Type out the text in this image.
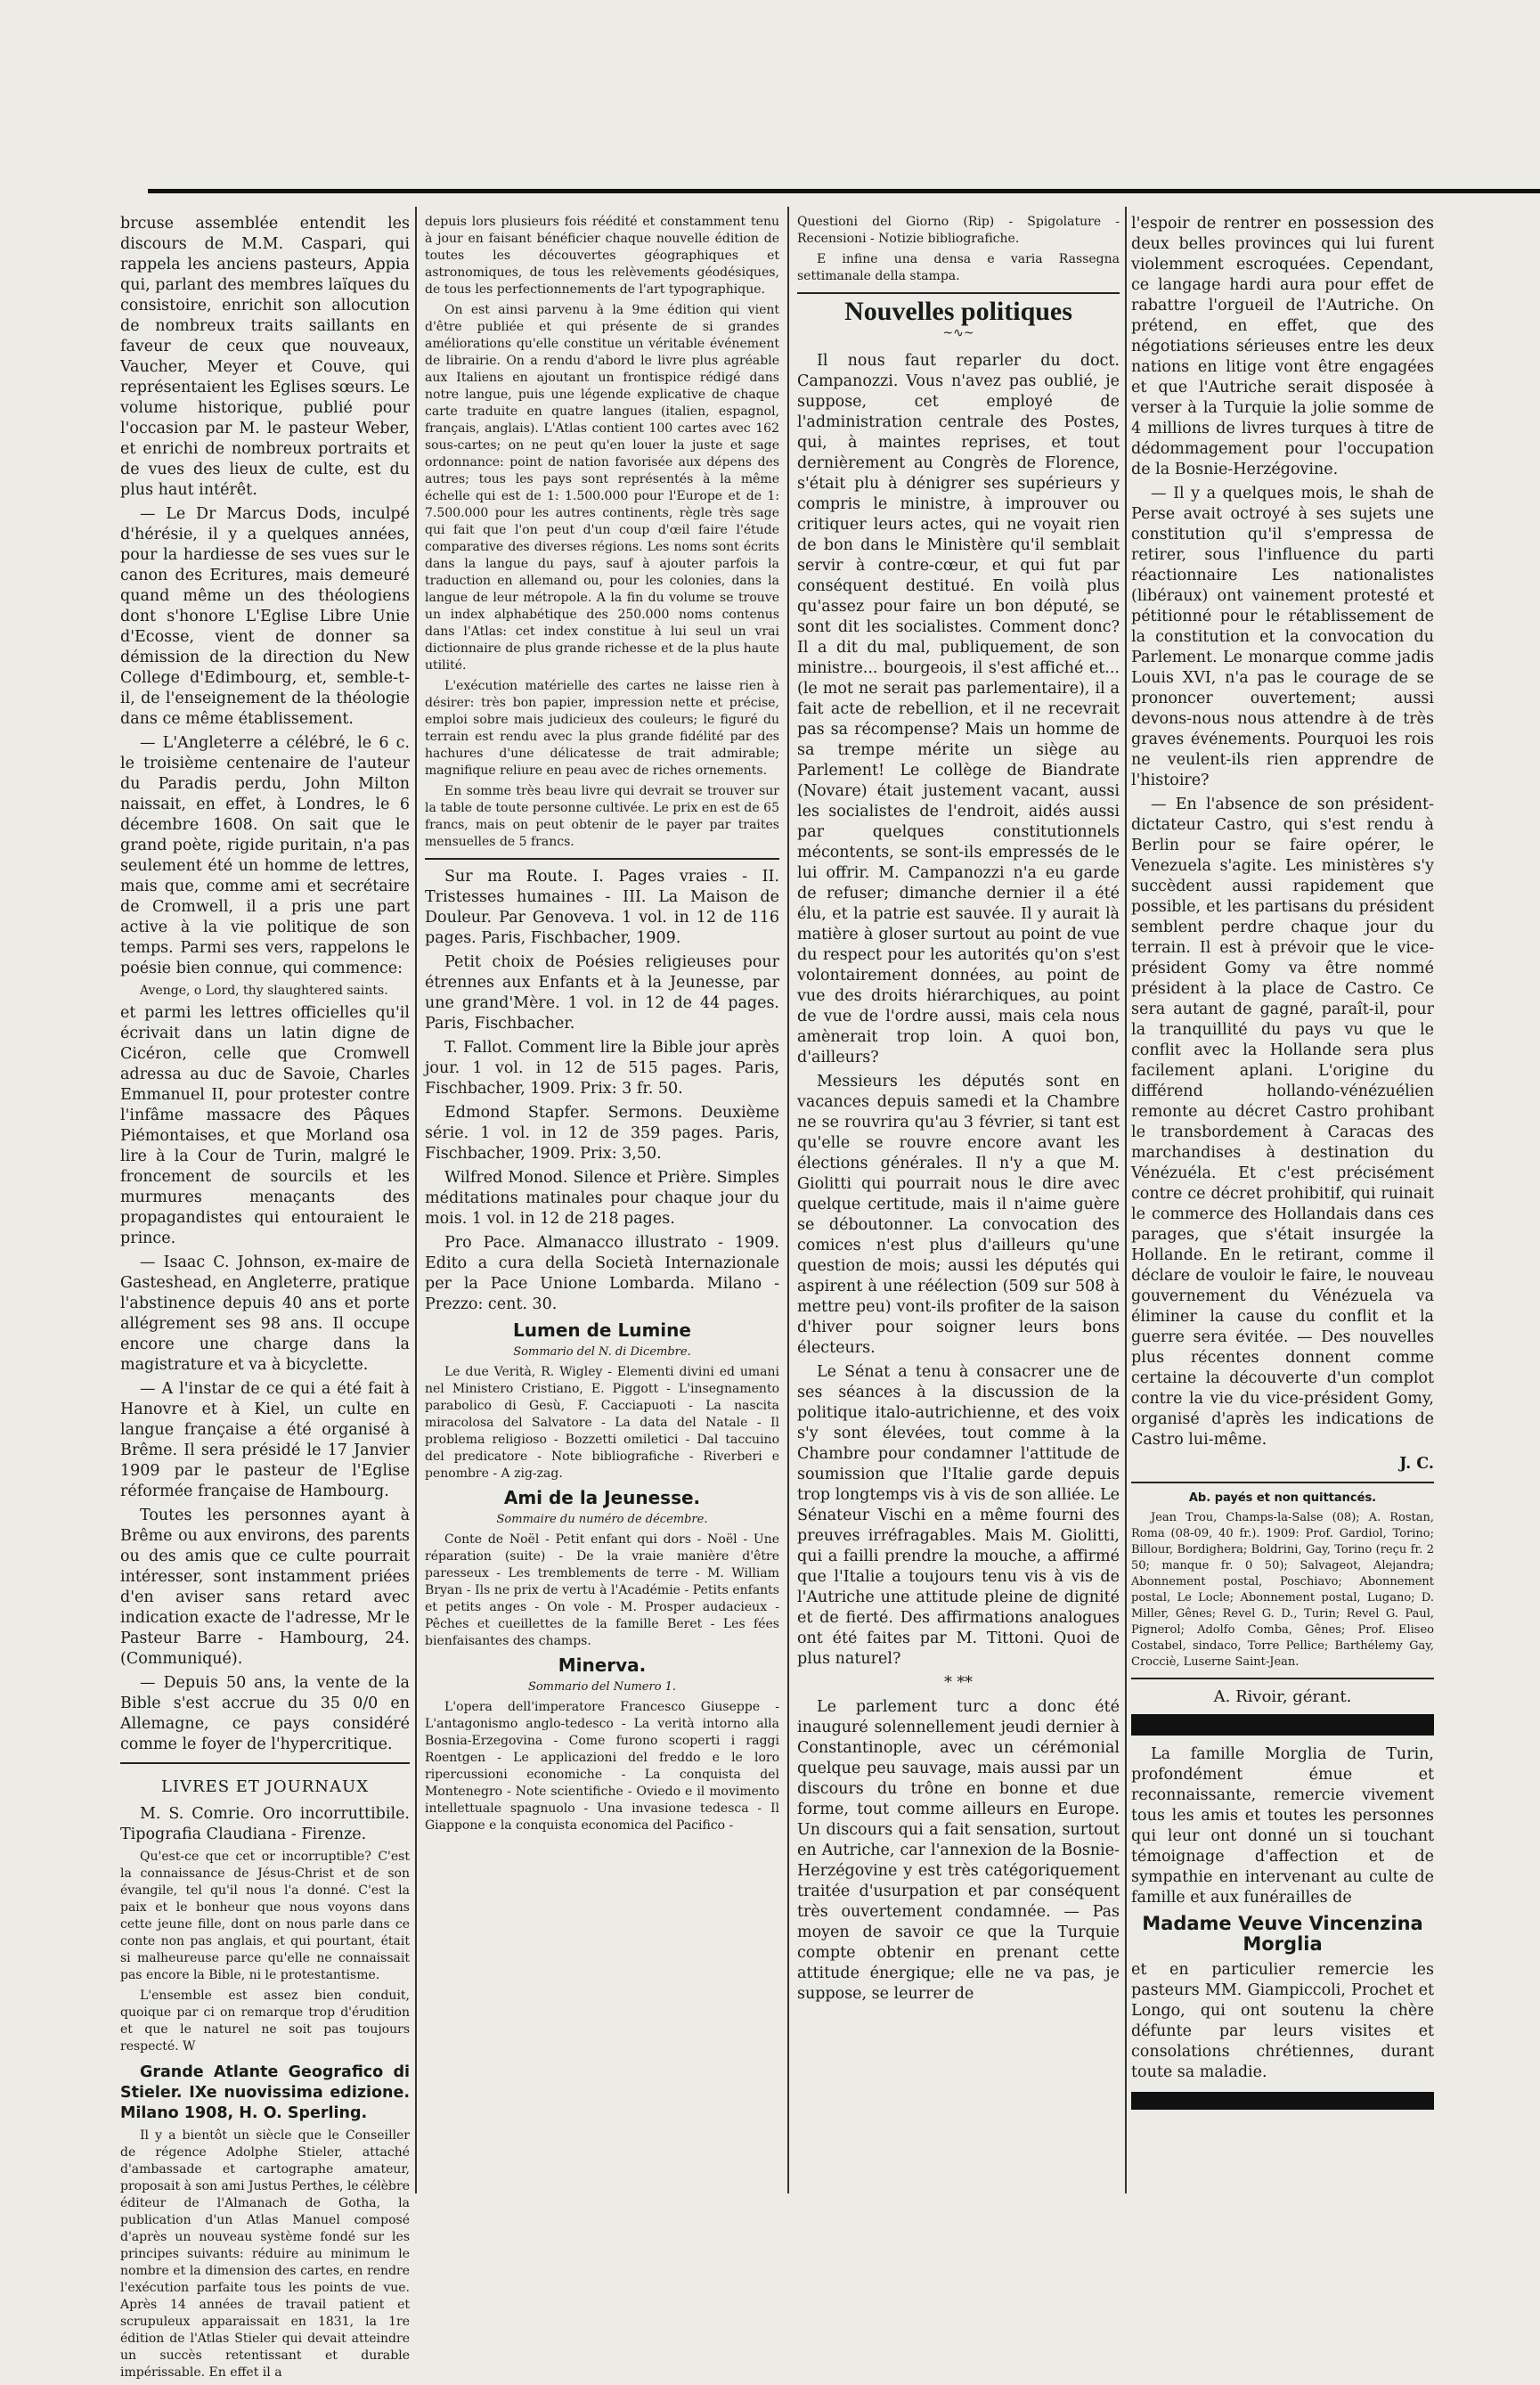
brcuse assemblée entendit les discours de M.M. Caspari, qui rappela les anciens pasteurs, Appia qui, parlant des membres laïques du consistoire, enrichit son allocution de nombreux traits saillants en faveur de ceux que nouveaux, Vaucher, Meyer et Couve, qui représentaient les Eglises sœurs. Le volume historique, publié pour l'occasion par M. le pasteur Weber, et enrichi de nombreux portraits et de vues des lieux de culte, est du plus haut intérêt.

— Le Dr Marcus Dods, inculpé d'hérésie, il y a quelques années, pour la hardiesse de ses vues sur le canon des Ecritures, mais demeuré quand même un des théologiens dont s'honore L'Eglise Libre Unie d'Ecosse, vient de donner sa démission de la direction du New College d'Edimbourg, et, semble-t-il, de l'enseignement de la théologie dans ce même établissement.

— L'Angleterre a célébré, le 6 c. le troisième centenaire de l'auteur du Paradis perdu, John Milton naissait, en effet, à Londres, le 6 décembre 1608. On sait que le grand poète, rigide puritain, n'a pas seulement été un homme de lettres, mais que, comme ami et secrétaire de Cromwell, il a pris une part active à la vie politique de son temps. Parmi ses vers, rappelons le poésie bien connue, qui commence:

Avenge, o Lord, thy slaughtered saints.

et parmi les lettres officielles qu'il écrivait dans un latin digne de Cicéron, celle que Cromwell adressa au duc de Savoie, Charles Emmanuel II, pour protester contre l'infâme massacre des Pâques Piémontaises, et que Morland osa lire à la Cour de Turin, malgré le froncement de sourcils et les murmures menaçants des propagandistes qui entouraient le prince.

— Isaac C. Johnson, ex-maire de Gasteshead, en Angleterre, pratique l'abstinence depuis 40 ans et porte allégrement ses 98 ans. Il occupe encore une charge dans la magistrature et va à bicyclette.

— A l'instar de ce qui a été fait à Hanovre et à Kiel, un culte en langue française a été organisé à Brême. Il sera présidé le 17 Janvier 1909 par le pasteur de l'Eglise réformée française de Hambourg.

Toutes les personnes ayant à Brême ou aux environs, des parents ou des amis que ce culte pourrait intéresser, sont instamment priées d'en aviser sans retard avec indication exacte de l'adresse, Mr le Pasteur Barre - Hambourg, 24. (Communiqué).

— Depuis 50 ans, la vente de la Bible s'est accrue du 35 0/0 en Allemagne, ce pays considéré comme le foyer de l'hypercritique.

LIVRES ET JOURNAUX

M. S. Comrie. Oro incorruttibile. Tipografia Claudiana - Firenze.

Qu'est-ce que cet or incorruptible? C'est la connaissance de Jésus-Christ et de son évangile, tel qu'il nous l'a donné. C'est la paix et le bonheur que nous voyons dans cette jeune fille, dont on nous parle dans ce conte non pas anglais, et qui pourtant, était si malheureuse parce qu'elle ne connaissait pas encore la Bible, ni le protestantisme.

L'ensemble est assez bien conduit, quoique par ci on remarque trop d'érudition et que le naturel ne soit pas toujours respecté. W

Grande Atlante Geografico di Stieler. IXe nuovissima edizione. Milano 1908, H. O. Sperling.

Il y a bientôt un siècle que le Conseiller de régence Adolphe Stieler, attaché d'ambassade et cartographe amateur, proposait à son ami Justus Perthes, le célèbre éditeur de l'Almanach de Gotha, la publication d'un Atlas Manuel composé d'après un nouveau système fondé sur les principes suivants: réduire au minimum le nombre et la dimension des cartes, en rendre l'exécution parfaite tous les points de vue. Après 14 années de travail patient et scrupuleux apparaissait en 1831, la 1re édition de l'Atlas Stieler qui devait atteindre un succès retentissant et durable impérissable. En effet il a

depuis lors plusieurs fois réédité et constamment tenu à jour en faisant bénéficier chaque nouvelle édition de toutes les découvertes géographiques et astronomiques, de tous les relèvements géodésiques, de tous les perfectionnements de l'art typographique.

On est ainsi parvenu à la 9me édition qui vient d'être publiée et qui présente de si grandes améliorations qu'elle constitue un véritable événement de librairie. On a rendu d'abord le livre plus agréable aux Italiens en ajoutant un frontispice rédigé dans notre langue, puis une légende explicative de chaque carte traduite en quatre langues (italien, espagnol, français, anglais). L'Atlas contient 100 cartes avec 162 sous-cartes; on ne peut qu'en louer la juste et sage ordonnance: point de nation favorisée aux dépens des autres; tous les pays sont représentés à la même échelle qui est de 1: 1.500.000 pour l'Europe et de 1: 7.500.000 pour les autres continents, règle très sage qui fait que l'on peut d'un coup d'œil faire l'étude comparative des diverses régions. Les noms sont écrits dans la langue du pays, sauf à ajouter parfois la traduction en allemand ou, pour les colonies, dans la langue de leur métropole. A la fin du volume se trouve un index alphabétique des 250.000 noms contenus dans l'Atlas: cet index constitue à lui seul un vrai dictionnaire de plus grande richesse et de la plus haute utilité.

L'exécution matérielle des cartes ne laisse rien à désirer: très bon papier, impression nette et précise, emploi sobre mais judicieux des couleurs; le figuré du terrain est rendu avec la plus grande fidélité par des hachures d'une délicatesse de trait admirable; magnifique reliure en peau avec de riches ornements.

En somme très beau livre qui devrait se trouver sur la table de toute personne cultivée. Le prix en est de 65 francs, mais on peut obtenir de le payer par traites mensuelles de 5 francs.

Sur ma Route. I. Pages vraies - II. Tristesses humaines - III. La Maison de Douleur. Par Genoveva. 1 vol. in 12 de 116 pages. Paris, Fischbacher, 1909.

Petit choix de Poésies religieuses pour étrennes aux Enfants et à la Jeunesse, par une grand'Mère. 1 vol. in 12 de 44 pages. Paris, Fischbacher.

T. Fallot. Comment lire la Bible jour après jour. 1 vol. in 12 de 515 pages. Paris, Fischbacher, 1909. Prix: 3 fr. 50.

Edmond Stapfer. Sermons. Deuxième série. 1 vol. in 12 de 359 pages. Paris, Fischbacher, 1909. Prix: 3,50.

Wilfred Monod. Silence et Prière. Simples méditations matinales pour chaque jour du mois. 1 vol. in 12 de 218 pages.

Pro Pace. Almanacco illustrato - 1909. Edito a cura della Società Internazionale per la Pace Unione Lombarda. Milano - Prezzo: cent. 30.

Lumen de Lumine

Sommario del N. di Dicembre.

Le due Verità, R. Wigley - Elementi divini ed umani nel Ministero Cristiano, E. Piggott - L'insegnamento parabolico di Gesù, F. Cacciapuoti - La nascita miracolosa del Salvatore - La data del Natale - Il problema religioso - Bozzetti omiletici - Dal taccuino del predicatore - Note bibliografiche - Riverberi e penombre - A zig-zag.

Ami de la Jeunesse.

Sommaire du numéro de décembre.

Conte de Noël - Petit enfant qui dors - Noël - Une réparation (suite) - De la vraie manière d'être paresseux - Les tremblements de terre - M. William Bryan - Ils ne prix de vertu à l'Académie - Petits enfants et petits anges - On vole - M. Prosper audacieux - Pêches et cueillettes de la famille Beret - Les fées bienfaisantes des champs.

Minerva.

Sommario del Numero 1.

L'opera dell'imperatore Francesco Giuseppe - L'antagonismo anglo-tedesco - La verità intorno alla Bosnia-Erzegovina - Come furono scoperti i raggi Roentgen - Le applicazioni del freddo e le loro ripercussioni economiche - La conquista del Montenegro - Note scientifiche - Oviedo e il movimento intellettuale spagnuolo - Una invasione tedesca - Il Giappone e la conquista economica del Pacifico -

Questioni del Giorno (Rip) - Spigolature - Recensioni - Notizie bibliografiche.

E infine una densa e varia Rassegna settimanale della stampa.

Nouvelles politiques

~∿~

Il nous faut reparler du doct. Campanozzi. Vous n'avez pas oublié, je suppose, cet employé de l'administration centrale des Postes, qui, à maintes reprises, et tout dernièrement au Congrès de Florence, s'était plu à dénigrer ses supérieurs y compris le ministre, à improuver ou critiquer leurs actes, qui ne voyait rien de bon dans le Ministère qu'il semblait servir à contre-cœur, et qui fut par conséquent destitué. En voilà plus qu'assez pour faire un bon député, se sont dit les socialistes. Comment donc? Il a dit du mal, publiquement, de son ministre... bourgeois, il s'est affiché et... (le mot ne serait pas parlementaire), il a fait acte de rebellion, et il ne recevrait pas sa récompense? Mais un homme de sa trempe mérite un siège au Parlement! Le collège de Biandrate (Novare) était justement vacant, aussi les socialistes de l'endroit, aidés aussi par quelques constitutionnels mécontents, se sont-ils empressés de le lui offrir. M. Campanozzi n'a eu garde de refuser; dimanche dernier il a été élu, et la patrie est sauvée. Il y aurait là matière à gloser surtout au point de vue du respect pour les autorités qu'on s'est volontairement données, au point de vue des droits hiérarchiques, au point de vue de l'ordre aussi, mais cela nous amènerait trop loin. A quoi bon, d'ailleurs?

Messieurs les députés sont en vacances depuis samedi et la Chambre ne se rouvrira qu'au 3 février, si tant est qu'elle se rouvre encore avant les élections générales. Il n'y a que M. Giolitti qui pourrait nous le dire avec quelque certitude, mais il n'aime guère se déboutonner. La convocation des comices n'est plus d'ailleurs qu'une question de mois; aussi les députés qui aspirent à une réélection (509 sur 508 à mettre peu) vont-ils profiter de la saison d'hiver pour soigner leurs bons électeurs.

Le Sénat a tenu à consacrer une de ses séances à la discussion de la politique italo-autrichienne, et des voix s'y sont élevées, tout comme à la Chambre pour condamner l'attitude de soumission que l'Italie garde depuis trop longtemps vis à vis de son alliée. Le Sénateur Vischi en a même fourni des preuves irréfragables. Mais M. Giolitti, qui a failli prendre la mouche, a affirmé que l'Italie a toujours tenu vis à vis de l'Autriche une attitude pleine de dignité et de fierté. Des affirmations analogues ont été faites par M. Tittoni. Quoi de plus naturel?

* **

Le parlement turc a donc été inauguré solennellement jeudi dernier à Constantinople, avec un cérémonial quelque peu sauvage, mais aussi par un discours du trône en bonne et due forme, tout comme ailleurs en Europe. Un discours qui a fait sensation, surtout en Autriche, car l'annexion de la Bosnie-Herzégovine y est très catégoriquement traitée d'usurpation et par conséquent très ouvertement condamnée. — Pas moyen de savoir ce que la Turquie compte obtenir en prenant cette attitude énergique; elle ne va pas, je suppose, se leurrer de

l'espoir de rentrer en possession des deux belles provinces qui lui furent violemment escroquées. Cependant, ce langage hardi aura pour effet de rabattre l'orgueil de l'Autriche. On prétend, en effet, que des négotiations sérieuses entre les deux nations en litige vont être engagées et que l'Autriche serait disposée à verser à la Turquie la jolie somme de 4 millions de livres turques à titre de dédommagement pour l'occupation de la Bosnie-Herzégovine.

— Il y a quelques mois, le shah de Perse avait octroyé à ses sujets une constitution qu'il s'empressa de retirer, sous l'influence du parti réactionnaire Les nationalistes (libéraux) ont vainement protesté et pétitionné pour le rétablissement de la constitution et la convocation du Parlement. Le monarque comme jadis Louis XVI, n'a pas le courage de se prononcer ouvertement; aussi devons-nous nous attendre à de très graves événements. Pourquoi les rois ne veulent-ils rien apprendre de l'histoire?

— En l'absence de son président-dictateur Castro, qui s'est rendu à Berlin pour se faire opérer, le Venezuela s'agite. Les ministères s'y succèdent aussi rapidement que possible, et les partisans du président semblent perdre chaque jour du terrain. Il est à prévoir que le vice-président Gomy va être nommé président à la place de Castro. Ce sera autant de gagné, paraît-il, pour la tranquillité du pays vu que le conflit avec la Hollande sera plus facilement aplani. L'origine du différend hollando-vénézuélien remonte au décret Castro prohibant le transbordement à Caracas des marchandises à destination du Vénézuéla. Et c'est précisément contre ce décret prohibitif, qui ruinait le commerce des Hollandais dans ces parages, que s'était insurgée la Hollande. En le retirant, comme il déclare de vouloir le faire, le nouveau gouvernement du Vénézuela va éliminer la cause du conflit et la guerre sera évitée. — Des nouvelles plus récentes donnent comme certaine la découverte d'un complot contre la vie du vice-président Gomy, organisé d'après les indications de Castro lui-même.

J. C.

Ab. payés et non quittancés.

Jean Trou, Champs-la-Salse (08); A. Rostan, Roma (08-09, 40 fr.). 1909: Prof. Gardiol, Torino; Billour, Bordighera; Boldrini, Gay, Torino (reçu fr. 2 50; manque fr. 0 50); Salvageot, Alejandra; Abonnement postal, Poschiavo; Abonnement postal, Le Locle; Abonnement postal, Lugano; D. Miller, Gênes; Revel G. D., Turin; Revel G. Paul, Pignerol; Adolfo Comba, Gênes; Prof. Eliseo Costabel, sindaco, Torre Pellice; Barthélemy Gay, Crocciè, Luserne Saint-Jean.

A. Rivoir, gérant.

La famille Morglia de Turin, profondément émue et reconnaissante, remercie vivement tous les amis et toutes les personnes qui leur ont donné un si touchant témoignage d'affection et de sympathie en intervenant au culte de famille et aux funérailles de

Madame Veuve Vincenzina Morglia

et en particulier remercie les pasteurs MM. Giampiccoli, Prochet et Longo, qui ont soutenu la chère défunte par leurs visites et consolations chrétiennes, durant toute sa maladie.
